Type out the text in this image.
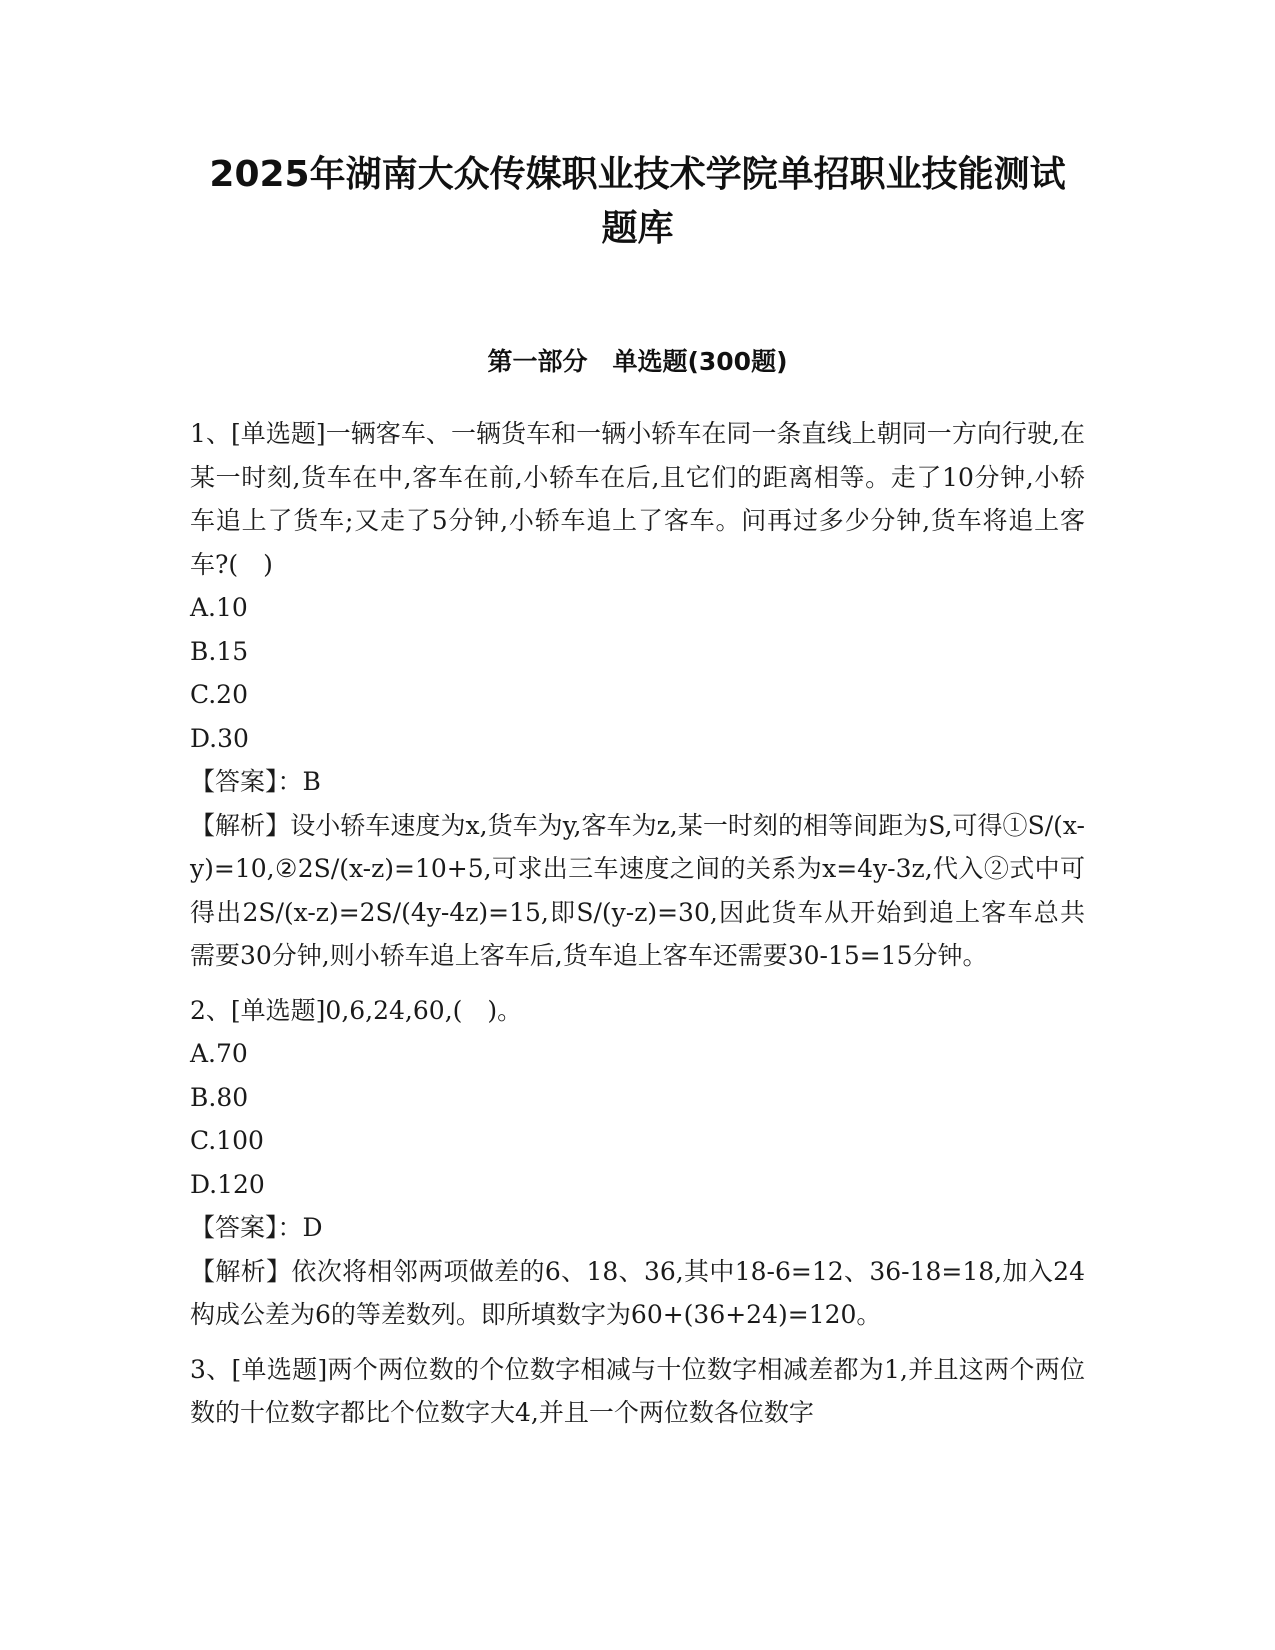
2025年湖南大众传媒职业技术学院单招职业技能测试
题库
第一部分　单选题(300题)

1、[单选题]一辆客车、一辆货车和一辆小轿车在同一条直线上朝同一方向行驶,在某一时刻,货车在中,客车在前,小轿车在后,且它们的距离相等。走了10分钟,小轿车追上了货车;又走了5分钟,小轿车追上了客车。问再过多少分钟,货车将追上客车?(　)

A.10

B.15

C.20

D.30

【答案】：B

【解析】设小轿车速度为x,货车为y,客车为z,某一时刻的相等间距为S,可得①S/(x-y)=10,②2S/(x-z)=10+5,可求出三车速度之间的关系为x=4y-3z,代入②式中可得出2S/(x-z)=2S/(4y-4z)=15,即S/(y-z)=30,因此货车从开始到追上客车总共需要30分钟,则小轿车追上客车后,货车追上客车还需要30-15=15分钟。

2、[单选题]0,6,24,60,(　)。

A.70

B.80

C.100

D.120

【答案】：D

【解析】依次将相邻两项做差的6、18、36,其中18-6=12、36-18=18,加入24构成公差为6的等差数列。即所填数字为60+(36+24)=120。

3、[单选题]两个两位数的个位数字相减与十位数字相减差都为1,并且这两个两位数的十位数字都比个位数字大4,并且一个两位数各位数字
